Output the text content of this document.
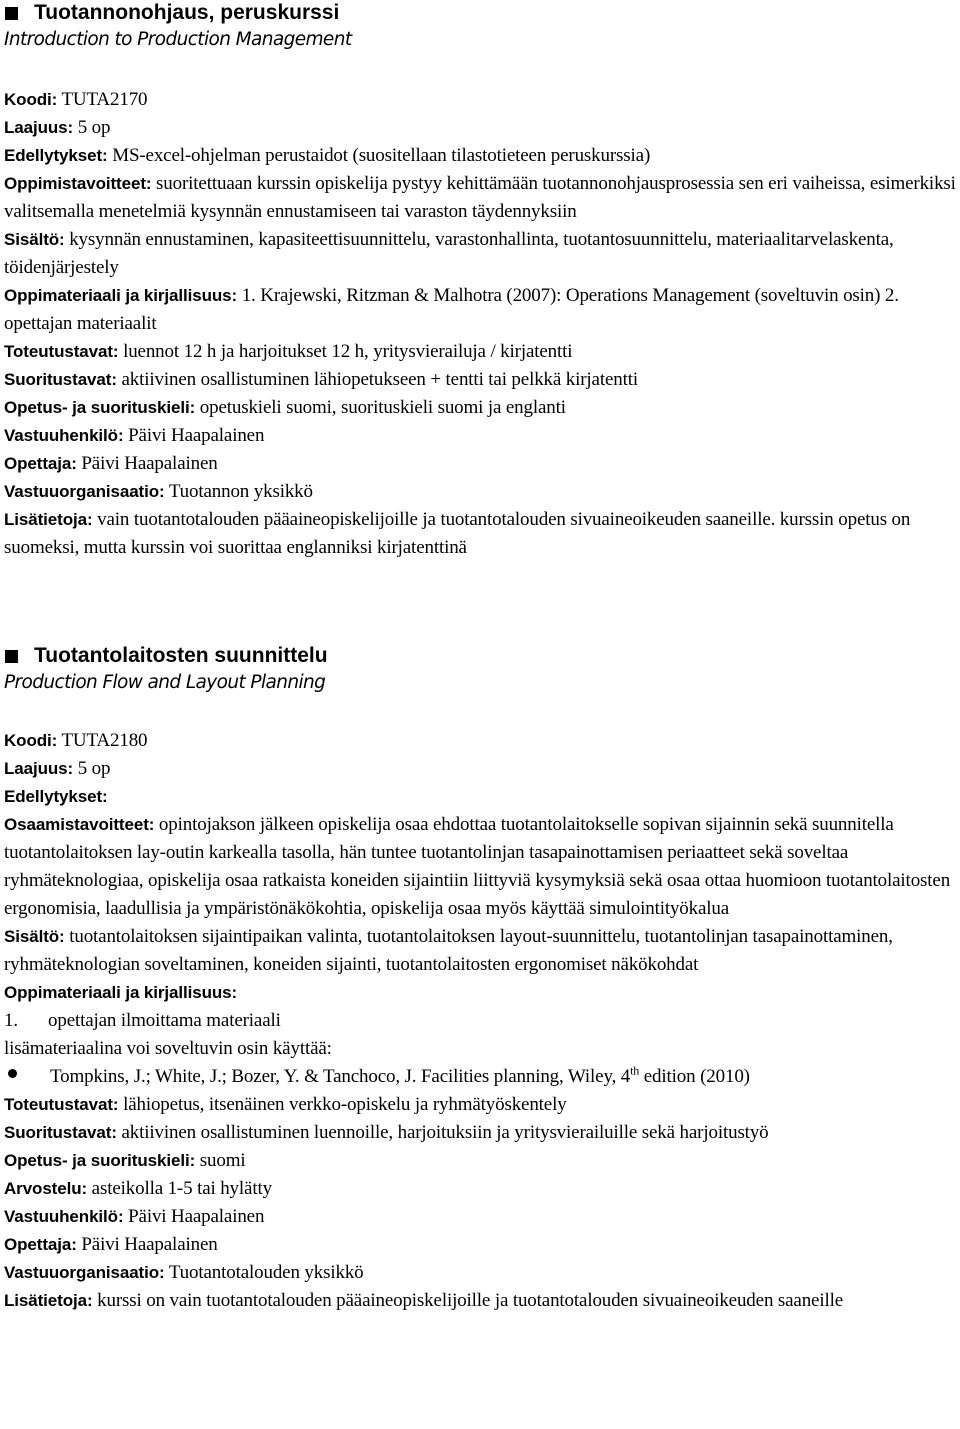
Tuotannonohjaus, peruskurssi
Introduction to Production Management

Koodi: TUTA2170

Laajuus: 5 op

Edellytykset: MS-excel-ohjelman perustaidot (suositellaan tilastotieteen peruskurssia)

Oppimistavoitteet: suoritettuaan kurssin opiskelija pystyy kehittämään tuotannonohjausprosessia sen eri vaiheissa, esimerkiksi valitsemalla menetelmiä kysynnän ennustamiseen tai varaston täydennyksiin

Sisältö: kysynnän ennustaminen, kapasiteettisuunnittelu, varastonhallinta, tuotantosuunnittelu, materiaalitarvelaskenta, töidenjärjestely

Oppimateriaali ja kirjallisuus: 1. Krajewski, Ritzman & Malhotra (2007): Operations Management (soveltuvin osin) 2. opettajan materiaalit

Toteutustavat: luennot 12 h ja harjoitukset 12 h, yritysvierailuja / kirjatentti

Suoritustavat: aktiivinen osallistuminen lähiopetukseen + tentti tai pelkkä kirjatentti

Opetus- ja suorituskieli: opetuskieli suomi, suorituskieli suomi ja englanti

Vastuuhenkilö: Päivi Haapalainen

Opettaja: Päivi Haapalainen

Vastuuorganisaatio: Tuotannon yksikkö

Lisätietoja: vain tuotantotalouden pääaineopiskelijoille ja tuotantotalouden sivuaineoikeuden saaneille. kurssin opetus on suomeksi, mutta kurssin voi suorittaa englanniksi kirjatenttinä

Tuotantolaitosten suunnittelu
Production Flow and Layout Planning

Koodi: TUTA2180

Laajuus: 5 op

Edellytykset:

Osaamistavoitteet: opintojakson jälkeen opiskelija osaa ehdottaa tuotantolaitokselle sopivan sijainnin sekä suunnitella tuotantolaitoksen lay-outin karkealla tasolla, hän tuntee tuotantolinjan tasapainottamisen periaatteet sekä soveltaa ryhmäteknologiaa, opiskelija osaa ratkaista koneiden sijaintiin liittyviä kysymyksiä sekä osaa ottaa huomioon tuotantolaitosten ergonomisia, laadullisia ja ympäristönäkökohtia, opiskelija osaa myös käyttää simulointityökalua

Sisältö: tuotantolaitoksen sijaintipaikan valinta, tuotantolaitoksen layout-suunnittelu, tuotantolinjan tasapainottaminen, ryhmäteknologian soveltaminen, koneiden sijainti, tuotantolaitosten ergonomiset näkökohdat

Oppimateriaali ja kirjallisuus:

1.	opettajan ilmoittama materiaali

lisämateriaalina voi soveltuvin osin käyttää:

Tompkins, J.; White, J.; Bozer, Y. & Tanchoco, J. Facilities planning, Wiley, 4th edition (2010)

Toteutustavat: lähiopetus, itsenäinen verkko-opiskelu ja ryhmätyöskentely

Suoritustavat: aktiivinen osallistuminen luennoille, harjoituksiin ja yritysvierailuille sekä harjoitustyö

Opetus- ja suorituskieli: suomi

Arvostelu: asteikolla 1-5 tai hylätty

Vastuuhenkilö: Päivi Haapalainen

Opettaja: Päivi Haapalainen

Vastuuorganisaatio: Tuotantotalouden yksikkö

Lisätietoja: kurssi on vain tuotantotalouden pääaineopiskelijoille ja tuotantotalouden sivuaineoikeuden saaneille
